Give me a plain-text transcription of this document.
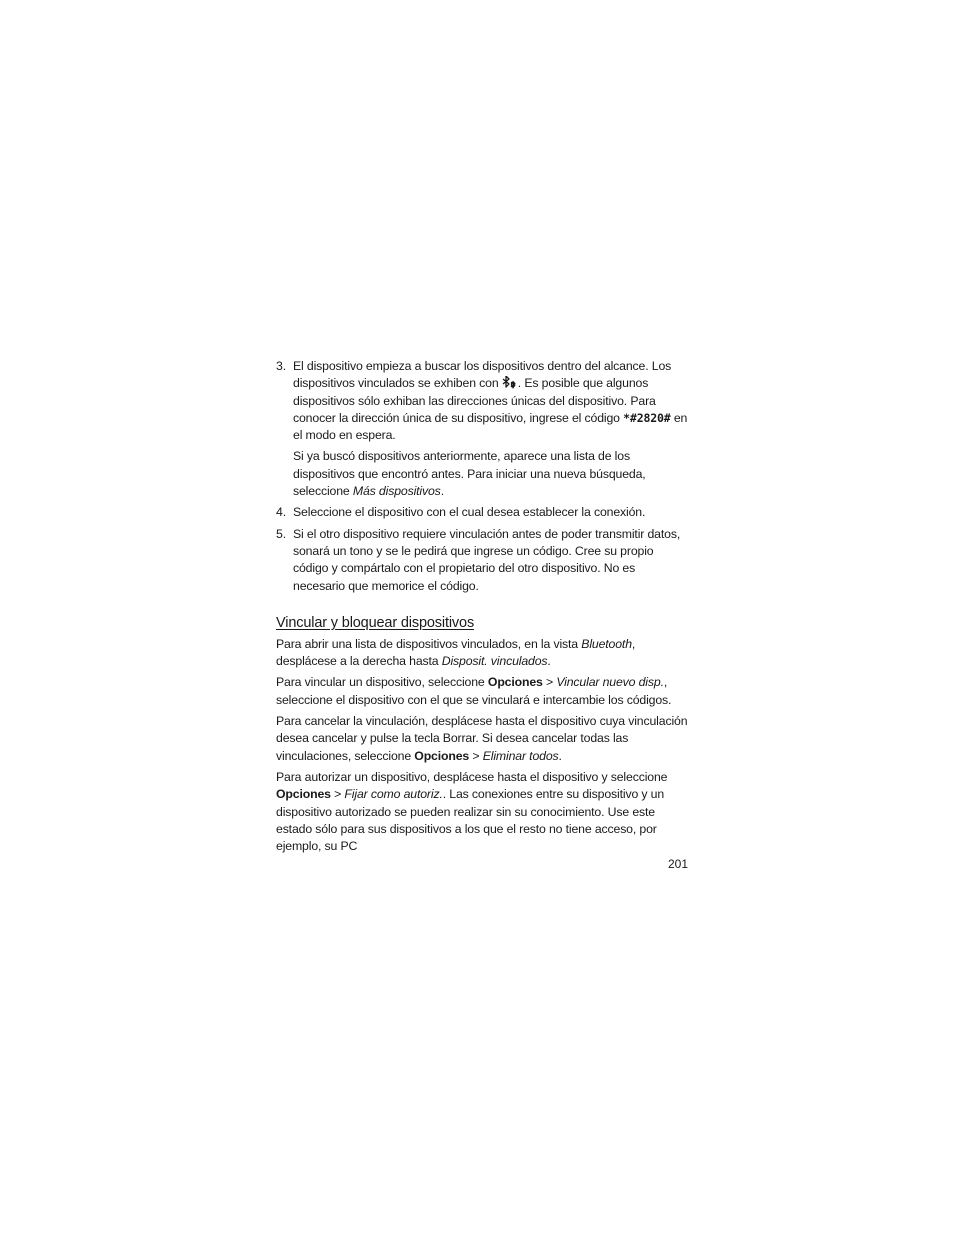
3. El dispositivo empieza a buscar los dispositivos dentro del alcance. Los dispositivos vinculados se exhiben con . Es posible que algunos dispositivos sólo exhiban las direcciones únicas del dispositivo. Para conocer la dirección única de su dispositivo, ingrese el código *#2820# en el modo en espera.

Si ya buscó dispositivos anteriormente, aparece una lista de los dispositivos que encontró antes. Para iniciar una nueva búsqueda, seleccione Más dispositivos.

4. Seleccione el dispositivo con el cual desea establecer la conexión.

5. Si el otro dispositivo requiere vinculación antes de poder transmitir datos, sonará un tono y se le pedirá que ingrese un código. Cree su propio código y compártalo con el propietario del otro dispositivo. No es necesario que memorice el código.

Vincular y bloquear dispositivos

Para abrir una lista de dispositivos vinculados, en la vista Bluetooth, desplácese a la derecha hasta Disposit. vinculados.

Para vincular un dispositivo, seleccione Opciones > Vincular nuevo disp., seleccione el dispositivo con el que se vinculará e intercambie los códigos.

Para cancelar la vinculación, desplácese hasta el dispositivo cuya vinculación desea cancelar y pulse la tecla Borrar. Si desea cancelar todas las vinculaciones, seleccione Opciones > Eliminar todos.

Para autorizar un dispositivo, desplácese hasta el dispositivo y seleccione Opciones > Fijar como autoriz.. Las conexiones entre su dispositivo y un dispositivo autorizado se pueden realizar sin su conocimiento. Use este estado sólo para sus dispositivos a los que el resto no tiene acceso, por ejemplo, su PC

201
